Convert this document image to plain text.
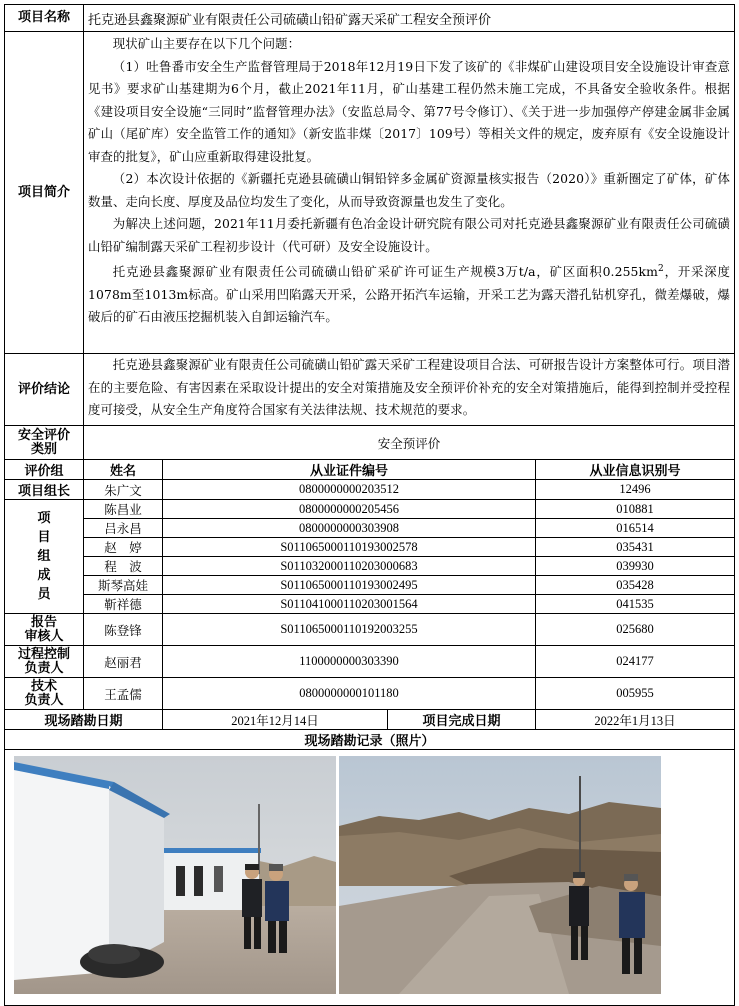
项目名称	托克逊县鑫聚源矿业有限责任公司硫磺山铅矿露天采矿工程安全预评价			
项目简介	现状矿山主要存在以下几个问题：

（1）吐鲁番市安全生产监督管理局于2018年12月19日下发了该矿的《非煤矿山建设项目安全设施设计审查意见书》要求矿山基建期为6个月，截止2021年11月，矿山基建工程仍然未施工完成，不具备安全验收条件。根据《建设项目安全设施“三同时”监督管理办法》（安监总局令、第77号令修订）、《关于进一步加强停产停建金属非金属矿山（尾矿库）安全监管工作的通知》（新安监非煤〔2017〕109号）等相关文件的规定，废弃原有《安全设施设计审查的批复》，矿山应重新取得建设批复。

（2）本次设计依据的《新疆托克逊县硫磺山铜铅锌多金属矿资源量核实报告（2020）》重新圈定了矿体，矿体数量、走向长度、厚度及品位均发生了变化，从而导致资源量也发生了变化。

为解决上述问题，2021年11月委托新疆有色冶金设计研究院有限公司对托克逊县鑫聚源矿业有限责任公司硫磺山铅矿编制露天采矿工程初步设计（代可研）及安全设施设计。

托克逊县鑫聚源矿业有限责任公司硫磺山铅矿采矿许可证生产规模3万t/a，矿区面积$0.255km^2$，开采深度1078m至1013m标高。矿山采用凹陷露天开采，公路开拓汽车运输，开采工艺为露天潜孔钻机穿孔，微差爆破，爆破后的矿石由液压挖掘机装入自卸运输汽车。			

评价结论	托克逊县鑫聚源矿业有限责任公司硫磺山铅矿露天采矿工程建设项目合法、可研报告设计方案整体可行。项目潜在的主要危险、有害因素在采取设计提出的安全对策措施及安全预评价补充的安全对策措施后，能得到控制并受控程度可接受，从安全生产角度符合国家有关法律法规、技术规范的要求。			

安全评价
类别	安全预评价			
评价组	姓名	从业证件编号		从业信息识别号
项目组长	朱广文	0800000000203512		12496

项
目
组
成
员	陈昌业	0800000000205456		010881
	吕永昌	0800000000303908		016514
	赵　婷	S011065000110193002578		035431
	程　波	S011032000110203000683		039930
	斯琴高娃	S011065000110193002495		035428
	靳祥德	S011041000110203001564		041535

报告
审核人	陈登锋	S011065000110192003255		025680

过程控制
负责人	赵丽君	1100000000303390		024177

技术
负责人	王孟儒	0800000000101180		005955
现场踏勘日期		2021年12月14日	项目完成日期	2022年1月13日
现场踏勘记录（照片）				
